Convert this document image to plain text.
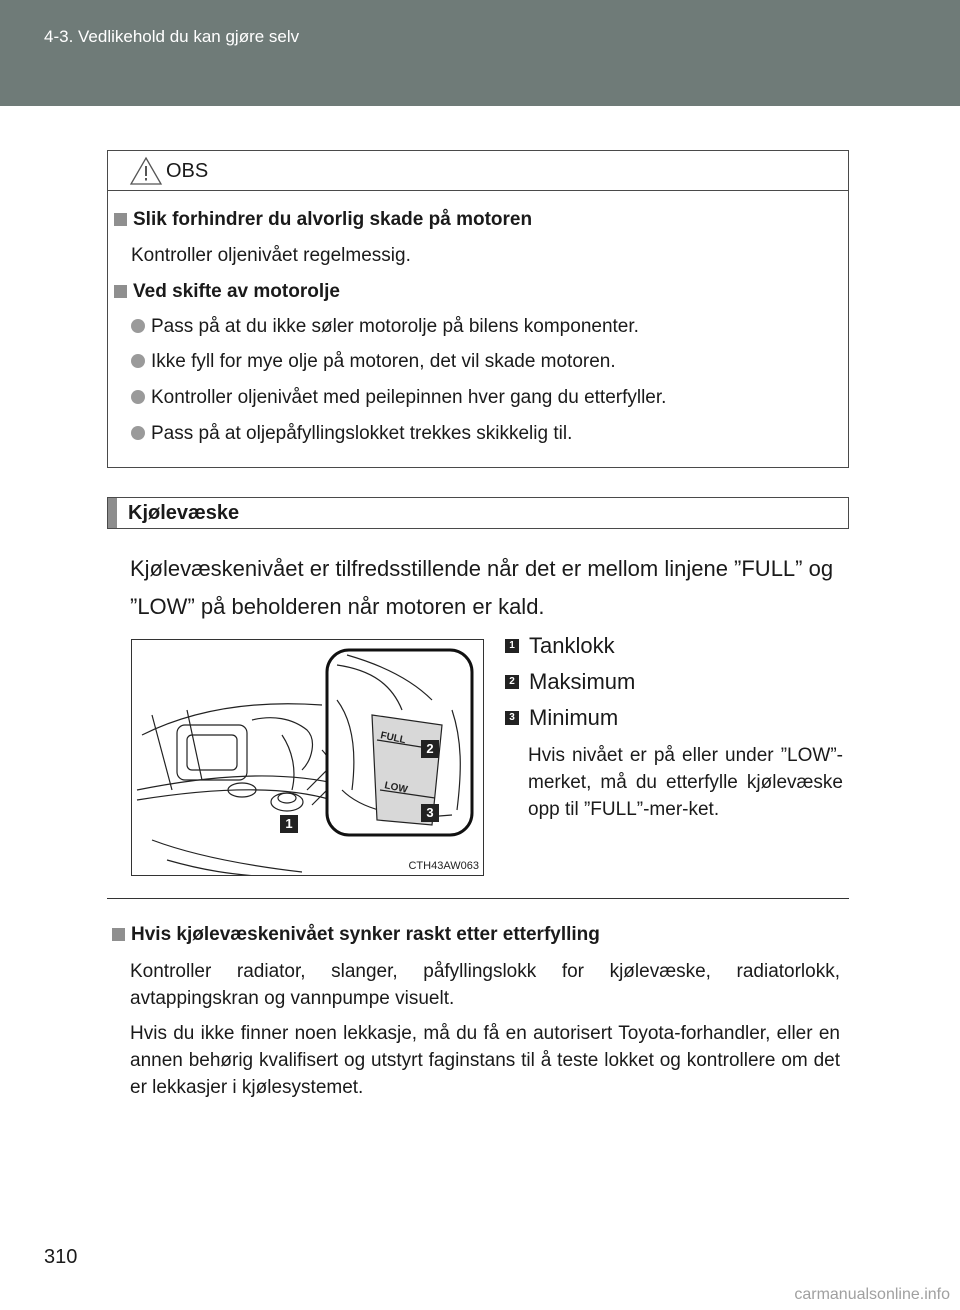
4-3. Vedlikehold du kan gjøre selv
OBS
Slik forhindrer du alvorlig skade på motoren
Kontroller oljenivået regelmessig.
Ved skifte av motorolje
Pass på at du ikke søler motorolje på bilens komponenter.
Ikke fyll for mye olje på motoren, det vil skade motoren.
Kontroller oljenivået med peilepinnen hver gang du etterfyller.
Pass på at oljepåfyllingslokket trekkes skikkelig til.
Kjølevæske
Kjølevæskenivået er tilfredsstillende når det er mellom linjene ”FULL” og ”LOW” på beholderen når motoren er kald.
FULL
LOW
1
2
3
CTH43AW063
1 Tanklokk
2 Maksimum
3 Minimum
Hvis nivået er på eller under ”LOW”-merket, må du etterfylle kjølevæske opp til ”FULL”-mer-ket.
Hvis kjølevæskenivået synker raskt etter etterfylling

Kontroller radiator, slanger, påfyllingslokk for kjølevæske, radiatorlokk, avtappingskran og vannpumpe visuelt.

Hvis du ikke finner noen lekkasje, må du få en autorisert Toyota-forhandler, eller en annen behørig kvalifisert og utstyrt faginstans til å teste lokket og kontrollere om det er lekkasjer i kjølesystemet.

310
carmanualsonline.info
